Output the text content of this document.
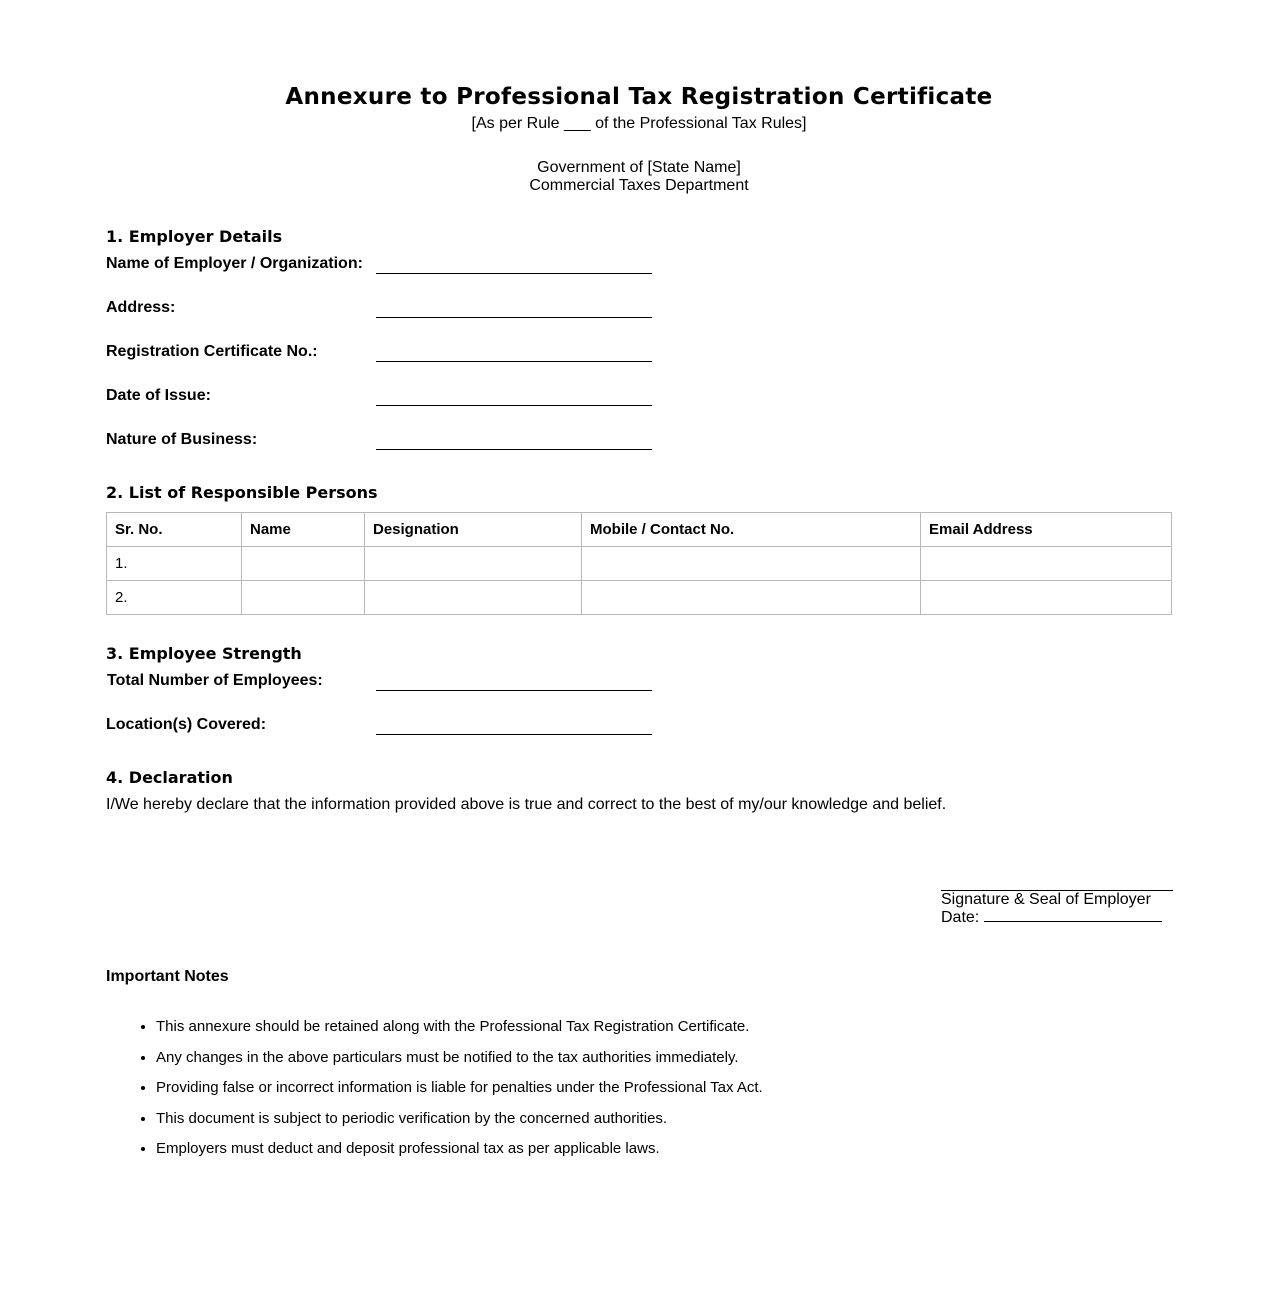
Annexure to Professional Tax Registration Certificate
[As per Rule ___ of the Professional Tax Rules]
Government of [State Name]
Commercial Taxes Department
1. Employer Details
Name of Employer / Organization:
Address:
Registration Certificate No.:
Date of Issue:
Nature of Business:
2. List of Responsible Persons
Sr. No.	Name	Designation	Mobile / Contact No.	Email Address
1.				
2.				
3. Employee Strength
Total Number of Employees:
Location(s) Covered:
4. Declaration
I/We hereby declare that the information provided above is true and correct to the best of my/our knowledge and belief.
Signature & Seal of Employer
Date:
Important Notes
• This annexure should be retained along with the Professional Tax Registration Certificate.
• Any changes in the above particulars must be notified to the tax authorities immediately.
• Providing false or incorrect information is liable for penalties under the Professional Tax Act.
• This document is subject to periodic verification by the concerned authorities.
• Employers must deduct and deposit professional tax as per applicable laws.
